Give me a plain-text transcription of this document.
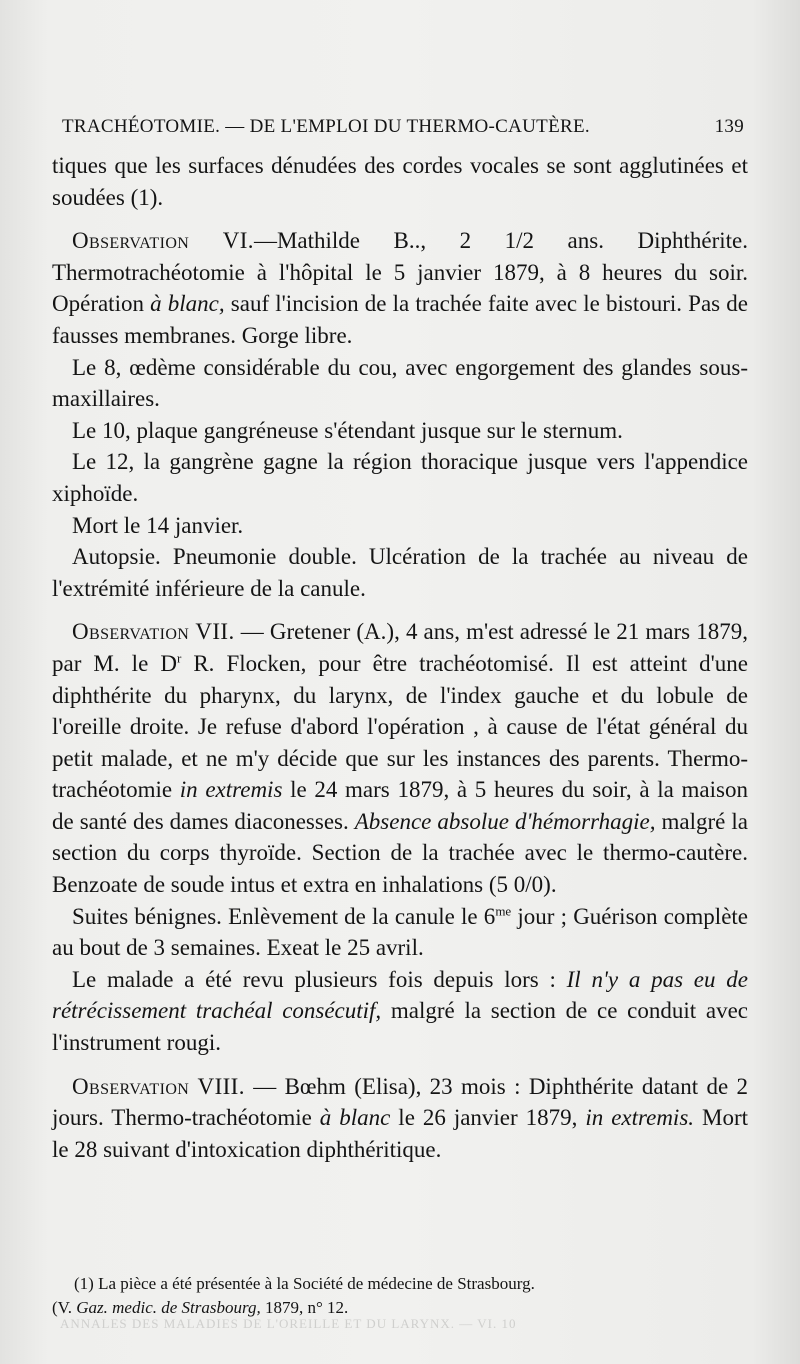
TRACHÉOTOMIE. — DE L'EMPLOI DU THERMO-CAUTÈRE.	139

tiques que les surfaces dénudées des cordes vocales se sont agglutinées et soudées (1).

Observation VI.—Mathilde B.., 2 1/2 ans. Diphthérite. Thermotrachéotomie à l'hôpital le 5 janvier 1879, à 8 heures du soir. Opération à blanc, sauf l'incision de la trachée faite avec le bistouri. Pas de fausses membranes. Gorge libre.

Le 8, œdème considérable du cou, avec engorgement des glandes sous-maxillaires.

Le 10, plaque gangréneuse s'étendant jusque sur le sternum.

Le 12, la gangrène gagne la région thoracique jusque vers l'appendice xiphoïde.

Mort le 14 janvier.

Autopsie. Pneumonie double. Ulcération de la trachée au niveau de l'extrémité inférieure de la canule.

Observation VII. — Gretener (A.), 4 ans, m'est adressé le 21 mars 1879, par M. le $D^r$ R. Flocken, pour être trachéotomisé. Il est atteint d'une diphthérite du pharynx, du larynx, de l'index gauche et du lobule de l'oreille droite. Je refuse d'abord l'opération , à cause de l'état général du petit malade, et ne m'y décide que sur les instances des parents. Thermo-trachéotomie in extremis le 24 mars 1879, à 5 heures du soir, à la maison de santé des dames diaconesses. Absence absolue d'hémorrhagie, malgré la section du corps thyroïde. Section de la trachée avec le thermo-cautère. Benzoate de soude intus et extra en inhalations (5 0/0).

Suites bénignes. Enlèvement de la canule le $6^{me}$ jour ; Guérison complète au bout de 3 semaines. Exeat le 25 avril.

Le malade a été revu plusieurs fois depuis lors : Il n'y a pas eu de rétrécissement trachéal consécutif, malgré la section de ce conduit avec l'instrument rougi.

Observation VIII. — Bœhm (Elisa), 23 mois : Diphthérite datant de 2 jours. Thermo-trachéotomie à blanc le 26 janvier 1879, in extremis. Mort le 28 suivant d'intoxication diphthéritique.

(1) La pièce a été présentée à la Société de médecine de Strasbourg.

(V. Gaz. medic. de Strasbourg, 1879, n° 12.

ANNALES DES MALADIES DE L'OREILLE ET DU LARYNX. — VI. 10
